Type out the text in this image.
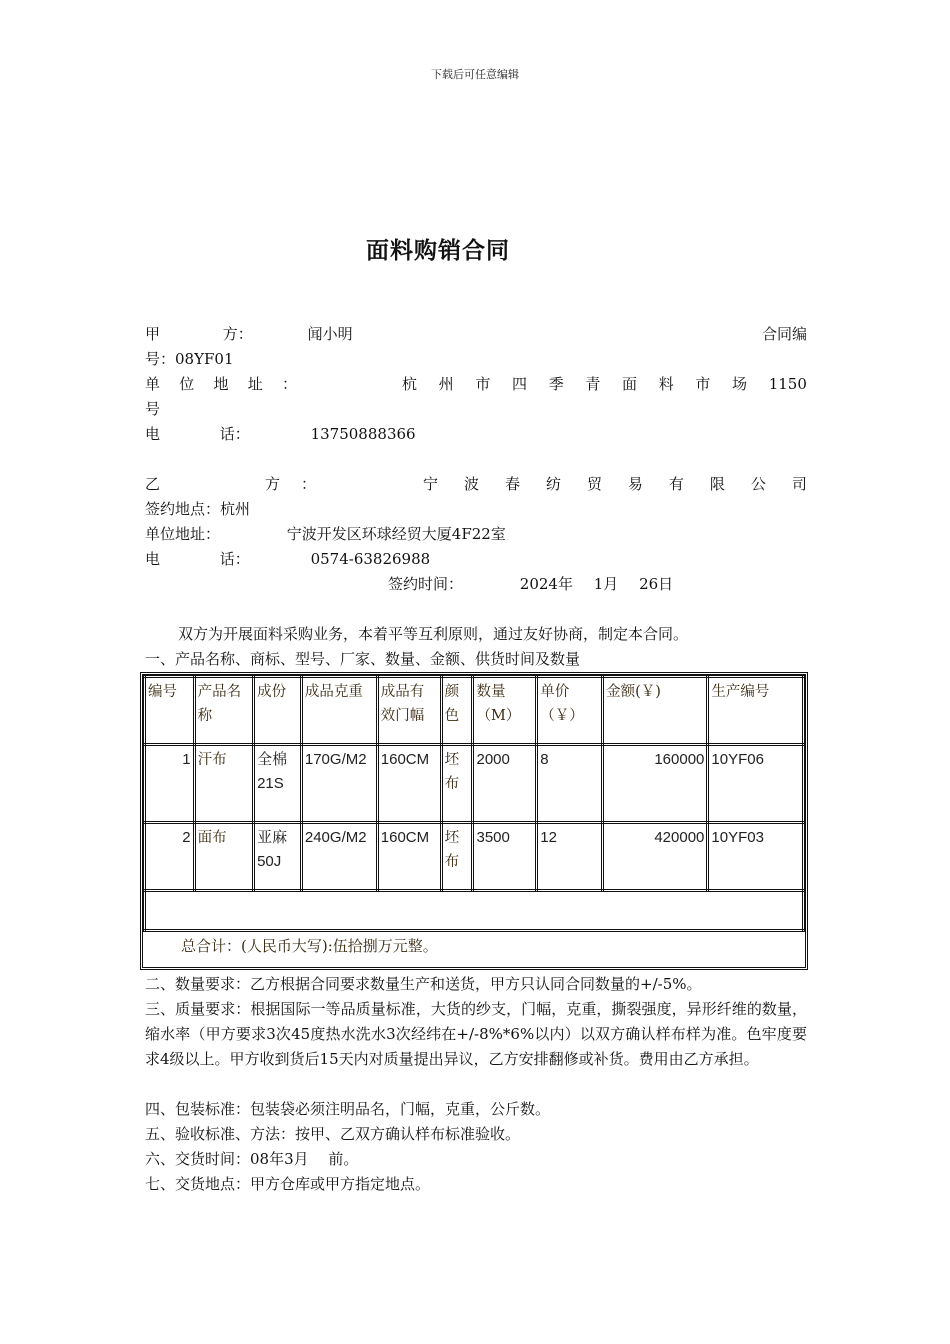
下载后可任意编辑
面料购销合同
甲	方：	闻小明	合同编
号：08YF01
单 位 地 址 ：	杭 州 市 四 季 青 面 料 市 场 1150
号
电	话：	13750888366
乙	方 ：	宁 波 春 纺 贸 易 有 限 公 司
签约地点：杭州
单位地址：	宁波开发区环球经贸大厦4F22室
电	话：	0574-63826988
签约时间：	2024年 1月 26日
双方为开展面料采购业务，本着平等互利原则，通过友好协商，制定本合同。
一、产品名称、商标、型号、厂家、数量、金额、供货时间及数量
编号	产品名称	成份	成品克重	成品有效门幅	颜色	数量（M）	单价（￥）	金额(￥)	生产编号
1	汗布	全棉21S	170G/M2	160CM	坯布	2000	8	160000	10YF06
2	面布	亚麻50J	240G/M2	160CM	坯布	3500	12	420000	10YF03

总合计：(人民币大写):伍拾捌万元整。
二、数量要求：乙方根据合同要求数量生产和送货，甲方只认同合同数量的+/-5%。
三、质量要求：根据国际一等品质量标准，大货的纱支，门幅，克重，撕裂强度，异形纤维的数量，缩水率（甲方要求3次45度热水洗水3次经纬在+/-8%*6%以内）以双方确认样布样为准。色牢度要求4级以上。甲方收到货后15天内对质量提出异议，乙方安排翻修或补货。费用由乙方承担。
四、包装标准：包装袋必须注明品名，门幅，克重，公斤数。
五、验收标准、方法：按甲、乙双方确认样布标准验收。
六、交货时间：08年3月　 前。
七、交货地点：甲方仓库或甲方指定地点。
